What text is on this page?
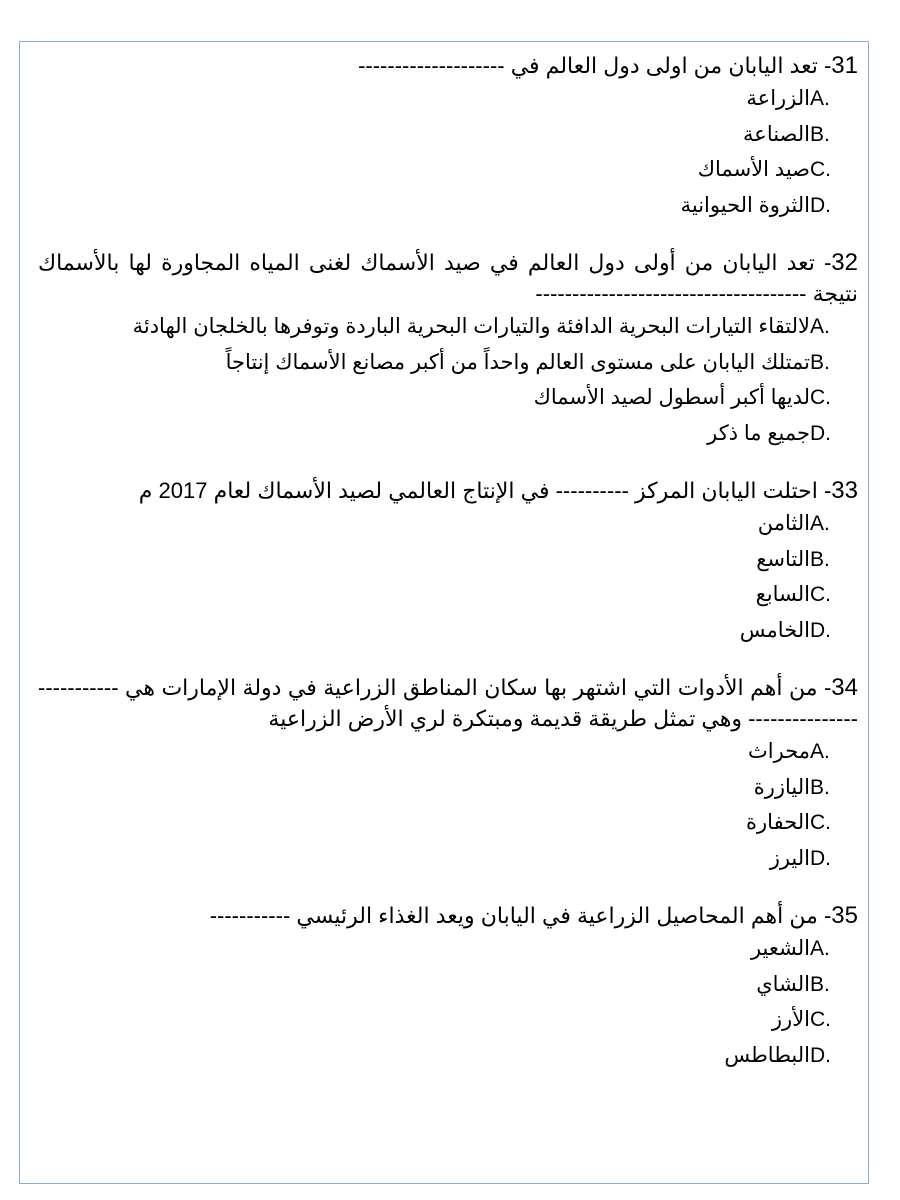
31- تعد اليابان من اولى دول العالم في --------------------

A.
الزراعة
B.
الصناعة
C.
صيد الأسماك
D.
الثروة الحيوانية

32- تعد اليابان من أولى دول العالم في صيد الأسماك لغنى المياه المجاورة لها بالأسماك نتيجة -------------------------------------

A.
لالتقاء التيارات البحرية الدافئة والتيارات البحرية الباردة وتوفرها بالخلجان الهادئة
B.
تمتلك اليابان على مستوى العالم واحداً من أكبر مصانع الأسماك إنتاجاً
C.
لديها أكبر أسطول لصيد الأسماك
D.
جميع ما ذكر

33- احتلت اليابان المركز ---------- في الإنتاج العالمي لصيد الأسماك لعام 2017 م

A.
الثامن
B.
التاسع
C.
السابع
D.
الخامس

34- من أهم الأدوات التي اشتهر بها سكان المناطق الزراعية في دولة الإمارات هي -------------------------- وهي تمثل طريقة قديمة ومبتكرة لري الأرض الزراعية

A.
محراث
B.
اليازرة
C.
الحفارة
D.
اليرز

35- من أهم المحاصيل الزراعية في اليابان ويعد الغذاء الرئيسي -----------

A.
الشعير
B.
الشاي
C.
الأرز
D.
البطاطس
